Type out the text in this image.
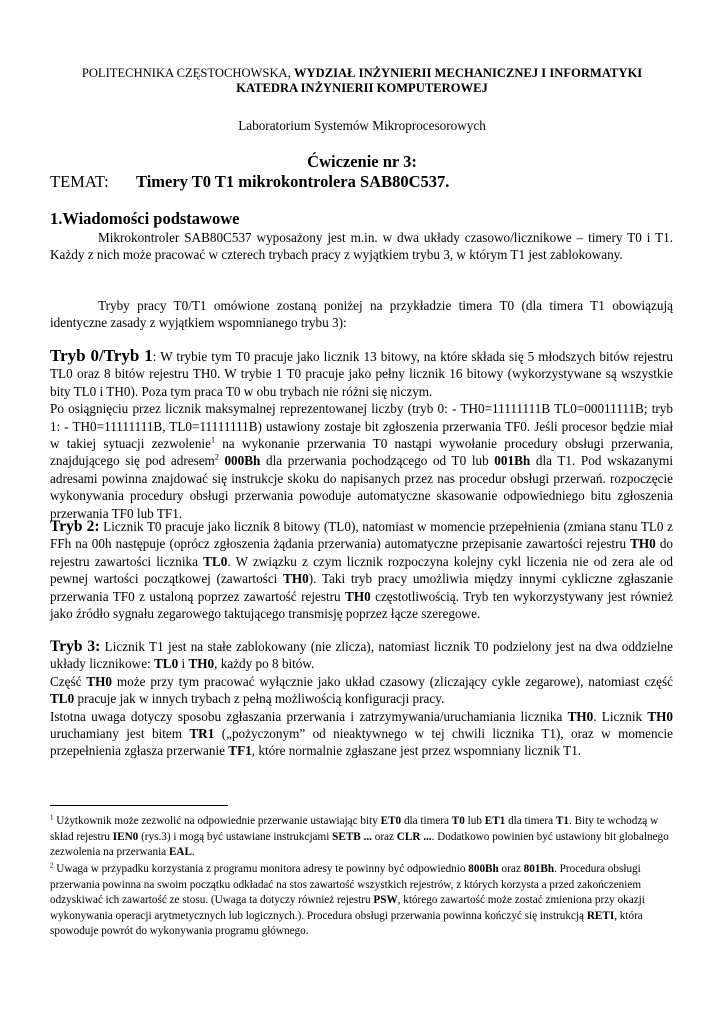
POLITECHNIKA CZĘSTOCHOWSKA, WYDZIAŁ INŻYNIERII MECHANICZNEJ I INFORMATYKI
KATEDRA INŻYNIERII KOMPUTEROWEJ
Laboratorium Systemów Mikroprocesorowych
Ćwiczenie nr 3:
TEMAT: Timery T0 T1 mikrokontrolera SAB80C537.
1.Wiadomości podstawowe
Mikrokontroler SAB80C537 wyposażony jest m.in. w dwa układy czasowo/licznikowe – timery T0 i T1. Każdy z nich może pracować w czterech trybach pracy z wyjątkiem trybu 3, w którym T1 jest zablokowany.
Tryby pracy T0/T1 omówione zostaną poniżej na przykładzie timera T0 (dla timera T1 obowiązują identyczne zasady z wyjątkiem wspomnianego trybu 3):
Tryb 0/Tryb 1: W trybie tym T0 pracuje jako licznik 13 bitowy, na które składa się 5 młodszych bitów rejestru TL0 oraz 8 bitów rejestru TH0. W trybie 1 T0 pracuje jako pełny licznik 16 bitowy (wykorzystywane są wszystkie bity TL0 i TH0). Poza tym praca T0 w obu trybach nie różni się niczym.
Po osiągnięciu przez licznik maksymalnej reprezentowanej liczby (tryb 0: - TH0=11111111B TL0=00011111B; tryb 1: - TH0=11111111B, TL0=11111111B) ustawiony zostaje bit zgłoszenia przerwania TF0. Jeśli procesor będzie miał w takiej sytuacji zezwolenie$^1$ na wykonanie przerwania T0 nastąpi wywołanie procedury obsługi przerwania, znajdującego się pod adresem$^2$ 000Bh dla przerwania pochodzącego od T0 lub 001Bh dla T1. Pod wskazanymi adresami powinna znajdować się instrukcje skoku do napisanych przez nas procedur obsługi przerwań. rozpoczęcie wykonywania procedury obsługi przerwania powoduje automatyczne skasowanie odpowiedniego bitu zgłoszenia przerwania TF0 lub TF1.
Tryb 2: Licznik T0 pracuje jako licznik 8 bitowy (TL0), natomiast w momencie przepełnienia (zmiana stanu TL0 z FFh na 00h następuje (oprócz zgłoszenia żądania przerwania) automatyczne przepisanie zawartości rejestru TH0 do rejestru zawartości licznika TL0. W związku z czym licznik rozpoczyna kolejny cykl liczenia nie od zera ale od pewnej wartości początkowej (zawartości TH0). Taki tryb pracy umożliwia między innymi cykliczne zgłaszanie przerwania TF0 z ustaloną poprzez zawartość rejestru TH0 częstotliwością. Tryb ten wykorzystywany jest również jako źródło sygnału zegarowego taktującego transmisję poprzez łącze szeregowe.
Tryb 3: Licznik T1 jest na stałe zablokowany (nie zlicza), natomiast licznik T0 podzielony jest na dwa oddzielne układy licznikowe: TL0 i TH0, każdy po 8 bitów.
Część TH0 może przy tym pracować wyłącznie jako układ czasowy (zliczający cykle zegarowe), natomiast część TL0 pracuje jak w innych trybach z pełną możliwością konfiguracji pracy.
Istotna uwaga dotyczy sposobu zgłaszania przerwania i zatrzymywania/uruchamiania licznika TH0. Licznik TH0 uruchamiany jest bitem TR1 („pożyczonym” od nieaktywnego w tej chwili licznika T1), oraz w momencie przepełnienia zgłasza przerwanie TF1, które normalnie zgłaszane jest przez wspomniany licznik T1.
$^1$ Użytkownik może zezwolić na odpowiednie przerwanie ustawiając bity ET0 dla timera T0 lub ET1 dla timera T1. Bity te wchodzą w skład rejestru IEN0 (rys.3) i mogą być ustawiane instrukcjami SETB ... oraz CLR .... Dodatkowo powinien być ustawiony bit globalnego zezwolenia na przerwania EAL.
$^2$ Uwaga w przypadku korzystania z programu monitora adresy te powinny być odpowiednio 800Bh oraz 801Bh. Procedura obsługi przerwania powinna na swoim początku odkładać na stos zawartość wszystkich rejestrów, z których korzysta a przed zakończeniem odzyskiwać ich zawartość ze stosu. (Uwaga ta dotyczy również rejestru PSW, którego zawartość może zostać zmieniona przy okazji wykonywania operacji arytmetycznych lub logicznych.). Procedura obsługi przerwania powinna kończyć się instrukcją RETI, która spowoduje powrót do wykonywania programu głównego.
